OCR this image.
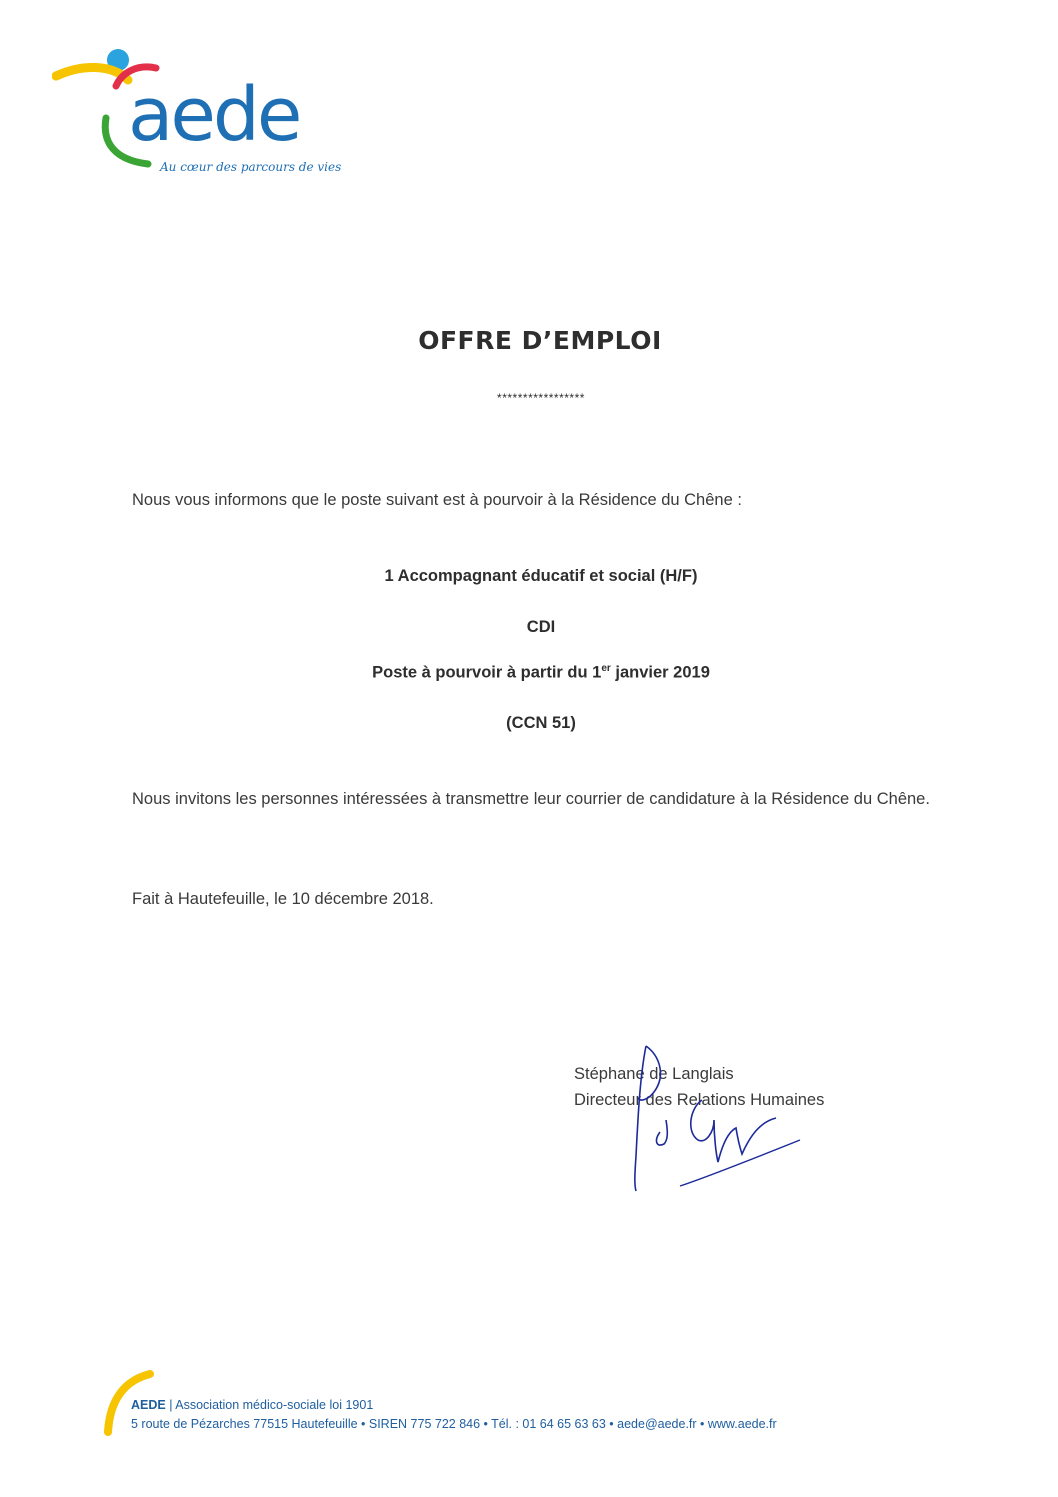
aede
Au cœur des parcours de vies
OFFRE D’EMPLOI
*****************
Nous vous informons que le poste suivant est à pourvoir à la Résidence du Chêne :
1 Accompagnant éducatif et social (H/F)
CDI
Poste à pourvoir à partir du 1er janvier 2019
(CCN 51)
Nous invitons les personnes intéressées à transmettre leur courrier de candidature à la Résidence du Chêne.
Fait à Hautefeuille, le 10 décembre 2018.
Stéphane de Langlais
Directeur des Relations Humaines
AEDE | Association médico-sociale loi 1901
5 route de Pézarches 77515 Hautefeuille • SIREN 775 722 846 • Tél. : 01 64 65 63 63 • aede@aede.fr • www.aede.fr
